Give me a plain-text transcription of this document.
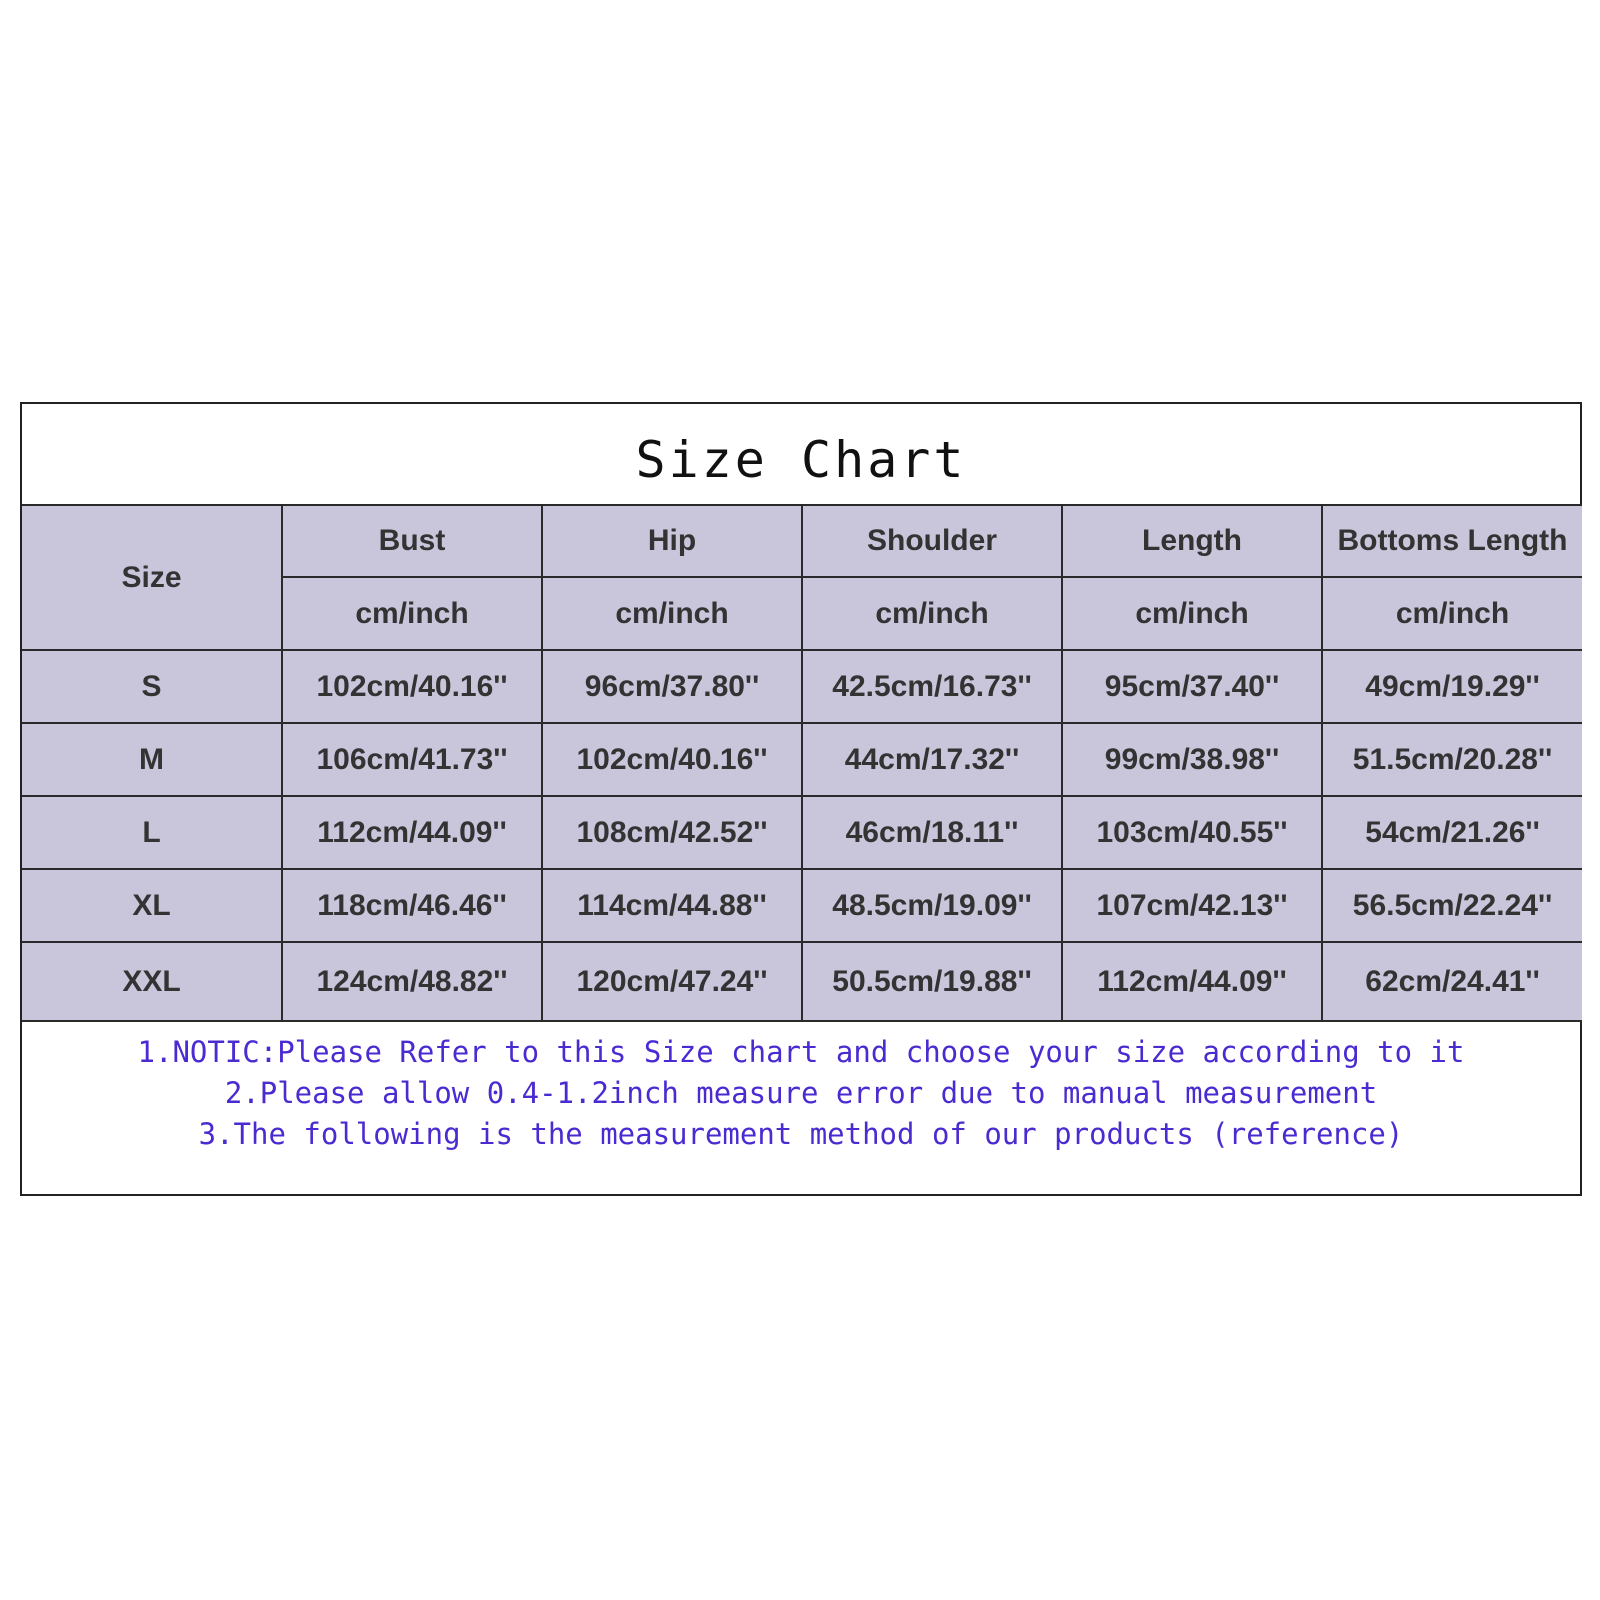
Size Chart
Size	Bust	Hip	Shoulder	Length	Bottoms Length
	cm/inch	cm/inch	cm/inch	cm/inch	cm/inch
S	102cm/40.16''	96cm/37.80''	42.5cm/16.73''	95cm/37.40''	49cm/19.29''
M	106cm/41.73''	102cm/40.16''	44cm/17.32''	99cm/38.98''	51.5cm/20.28''
L	112cm/44.09''	108cm/42.52''	46cm/18.11''	103cm/40.55''	54cm/21.26''
XL	118cm/46.46''	114cm/44.88''	48.5cm/19.09''	107cm/42.13''	56.5cm/22.24''
XXL	124cm/48.82''	120cm/47.24''	50.5cm/19.88''	112cm/44.09''	62cm/24.41''
1.NOTIC:Please Refer to this Size chart and choose your size according to it
2.Please allow 0.4-1.2inch measure error due to manual measurement
3.The following is the measurement method of our products (reference)
